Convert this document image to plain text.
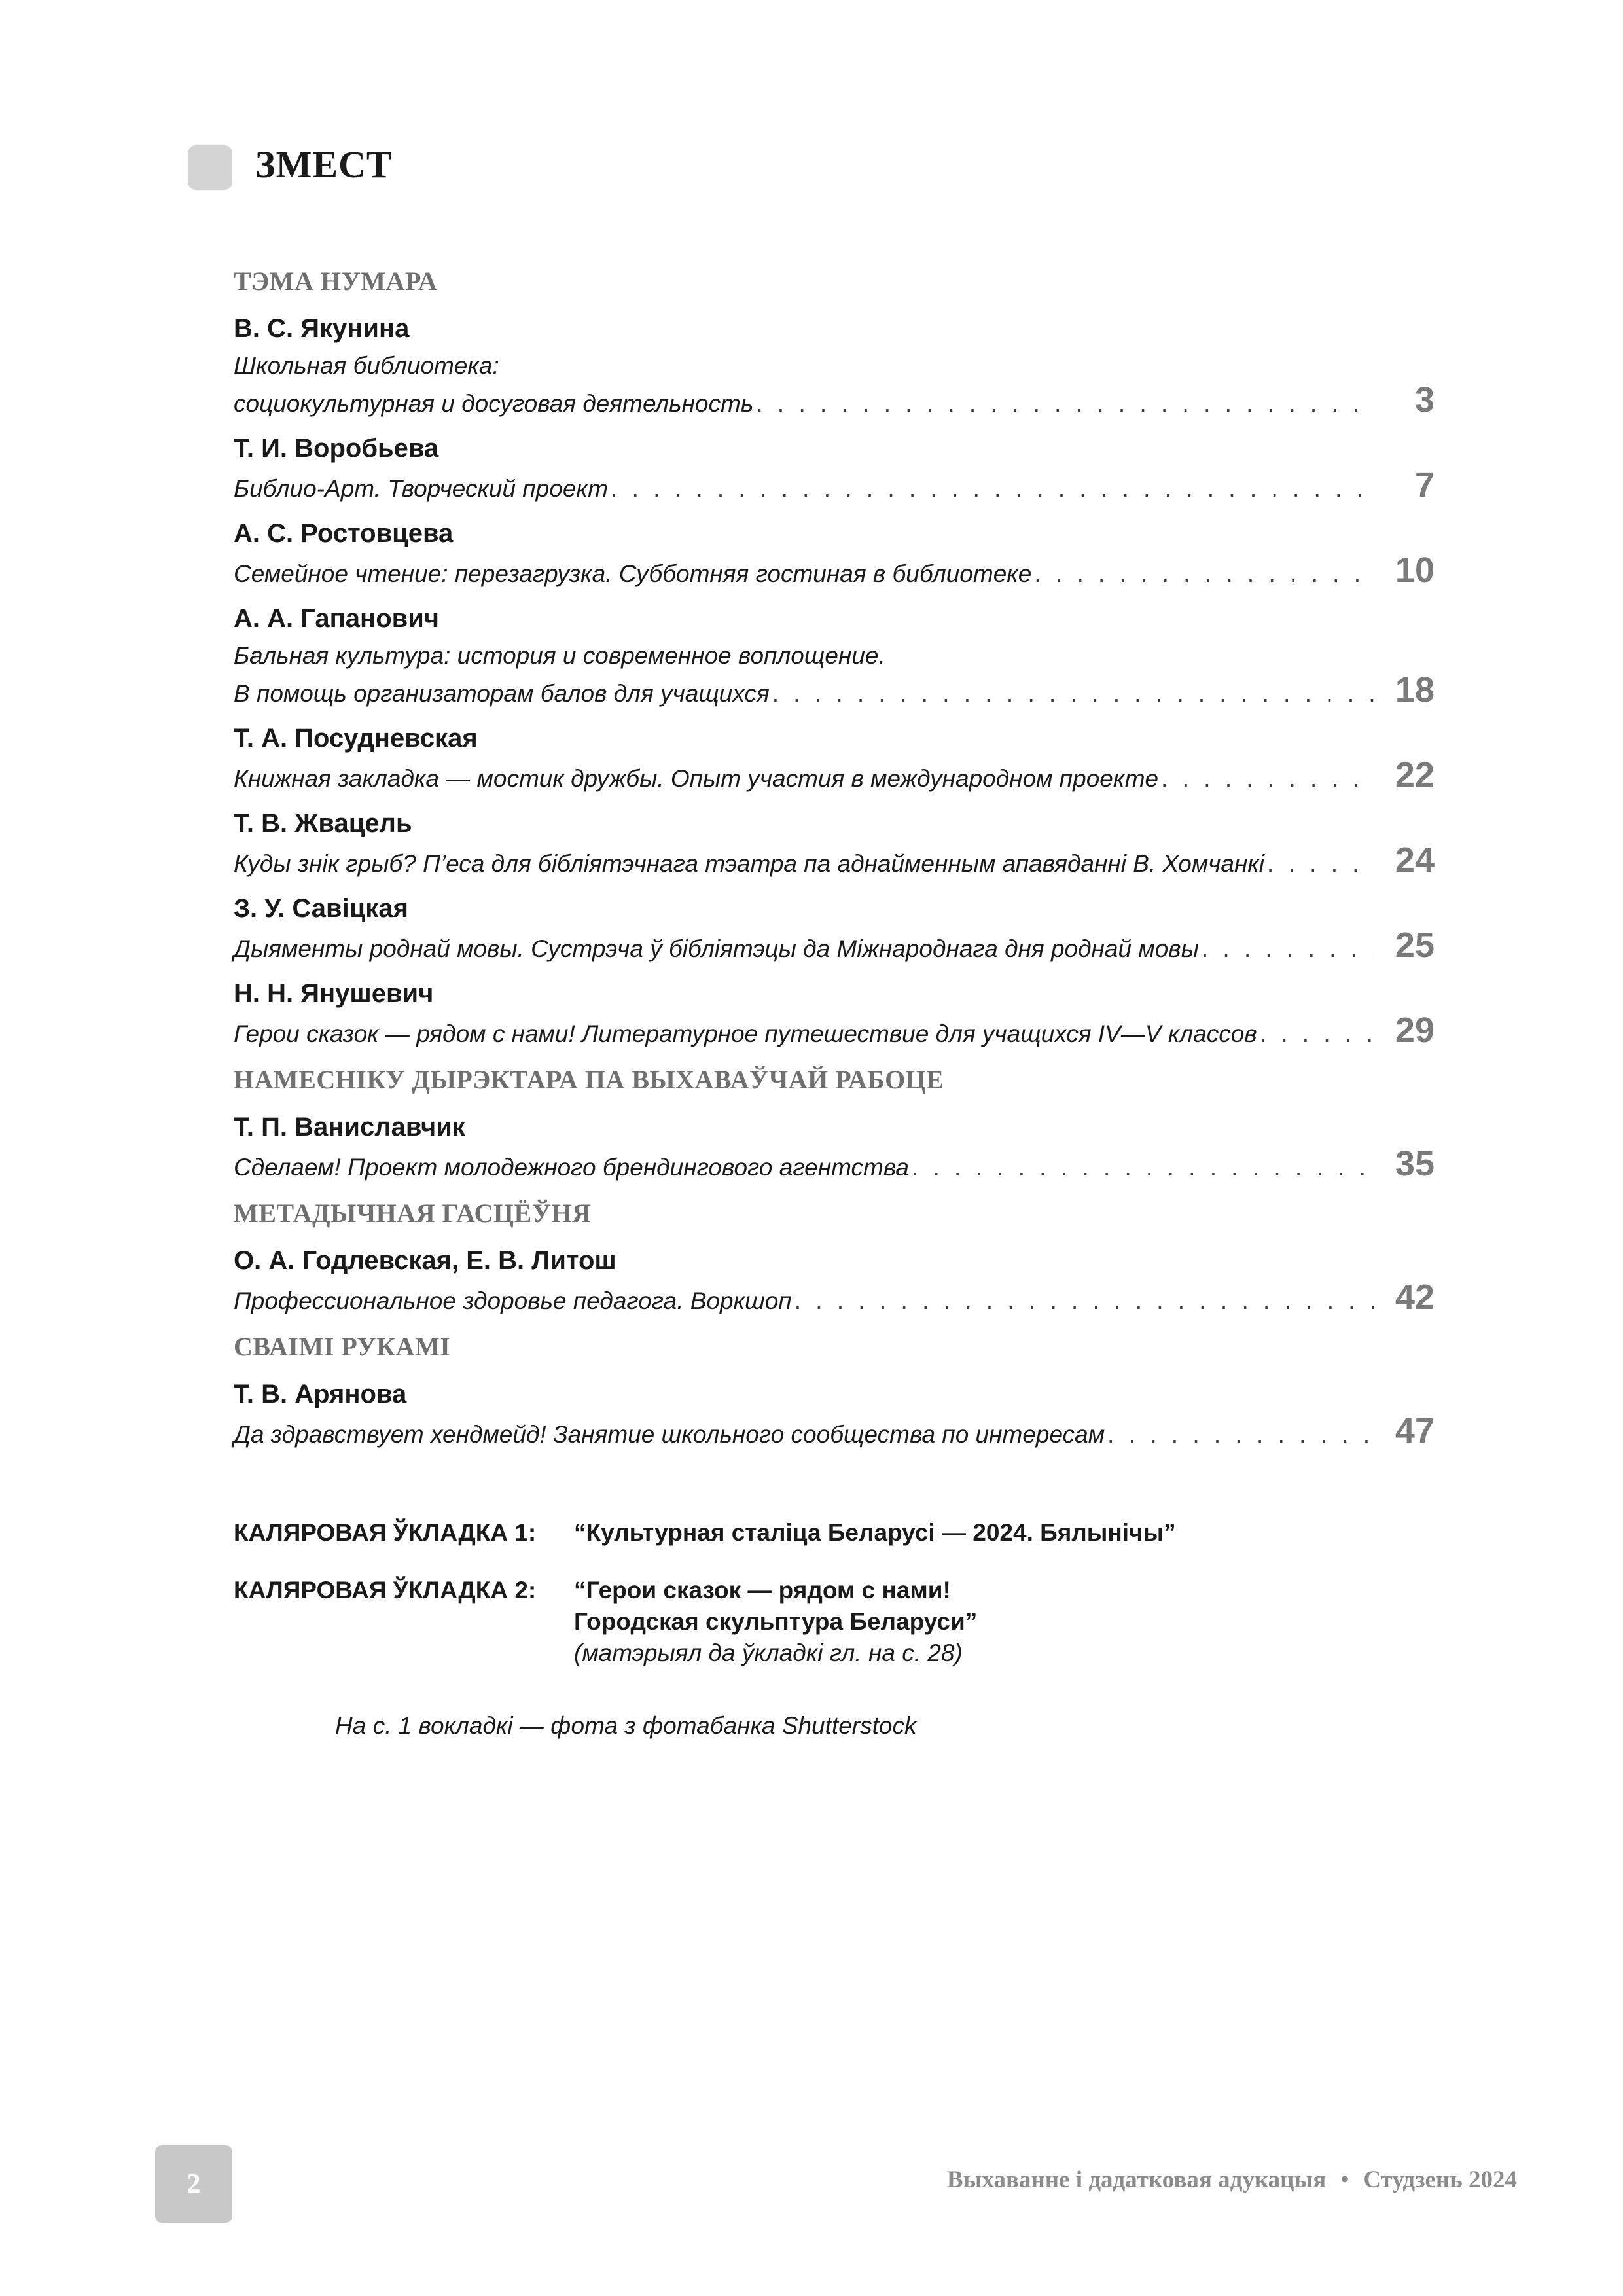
ЗМЕСТ
ТЭМА НУМАРА
В. С. Якунина
Школьная библиотека:
социокультурная и досуговая деятельность . . .	3
Т. И. Воробьева
Библио-Арт. Творческий проект . . .	7
А. С. Ростовцева
Семейное чтение: перезагрузка. Субботняя гостиная в библиотеке . . .	10
А. А. Гапанович
Бальная культура: история и современное воплощение.
В помощь организаторам балов для учащихся . . .	18
Т. А. Посудневская
Книжная закладка — мостик дружбы. Опыт участия в международном проекте . . .	22
Т. В. Жвацель
Куды знік грыб? П’еса для бібліятэчнага тэатра па аднайменным апавяданні В. Хомчанкі . . .	24
З. У. Савіцкая
Дыяменты роднай мовы. Сустрэча ў бібліятэцы да Міжнароднага дня роднай мовы . . .	25
Н. Н. Янушевич
Герои сказок — рядом с нами! Литературное путешествие для учащихся IV—V классов . . .	29
НАМЕСНІКУ ДЫРЭКТАРА ПА ВЫХАВАЎЧАЙ РАБОЦЕ
Т. П. Ваниславчик
Сделаем! Проект молодежного брендингового агентства . . .	35
МЕТАДЫЧНАЯ ГАСЦЁЎНЯ
О. А. Годлевская, Е. В. Литош
Профессиональное здоровье педагога. Воркшоп . . .	42
СВАІМІ РУКАМІ
Т. В. Арянова
Да здравствует хендмейд! Занятие школьного сообщества по интересам . . .	47
КАЛЯРОВАЯ ЎКЛАДКА 1:	“Культурная сталіца Беларусі — 2024. Бялынічы”
КАЛЯРОВАЯ ЎКЛАДКА 2:	“Герои сказок — рядом с нами!
Городская скульптура Беларуси”
(матэрыял да ўкладкі гл. на с. 28)
На с. 1 вокладкі — фота з фотабанка Shutterstock
2	Выхаванне і дадатковая адукацыя • Студзень 2024
